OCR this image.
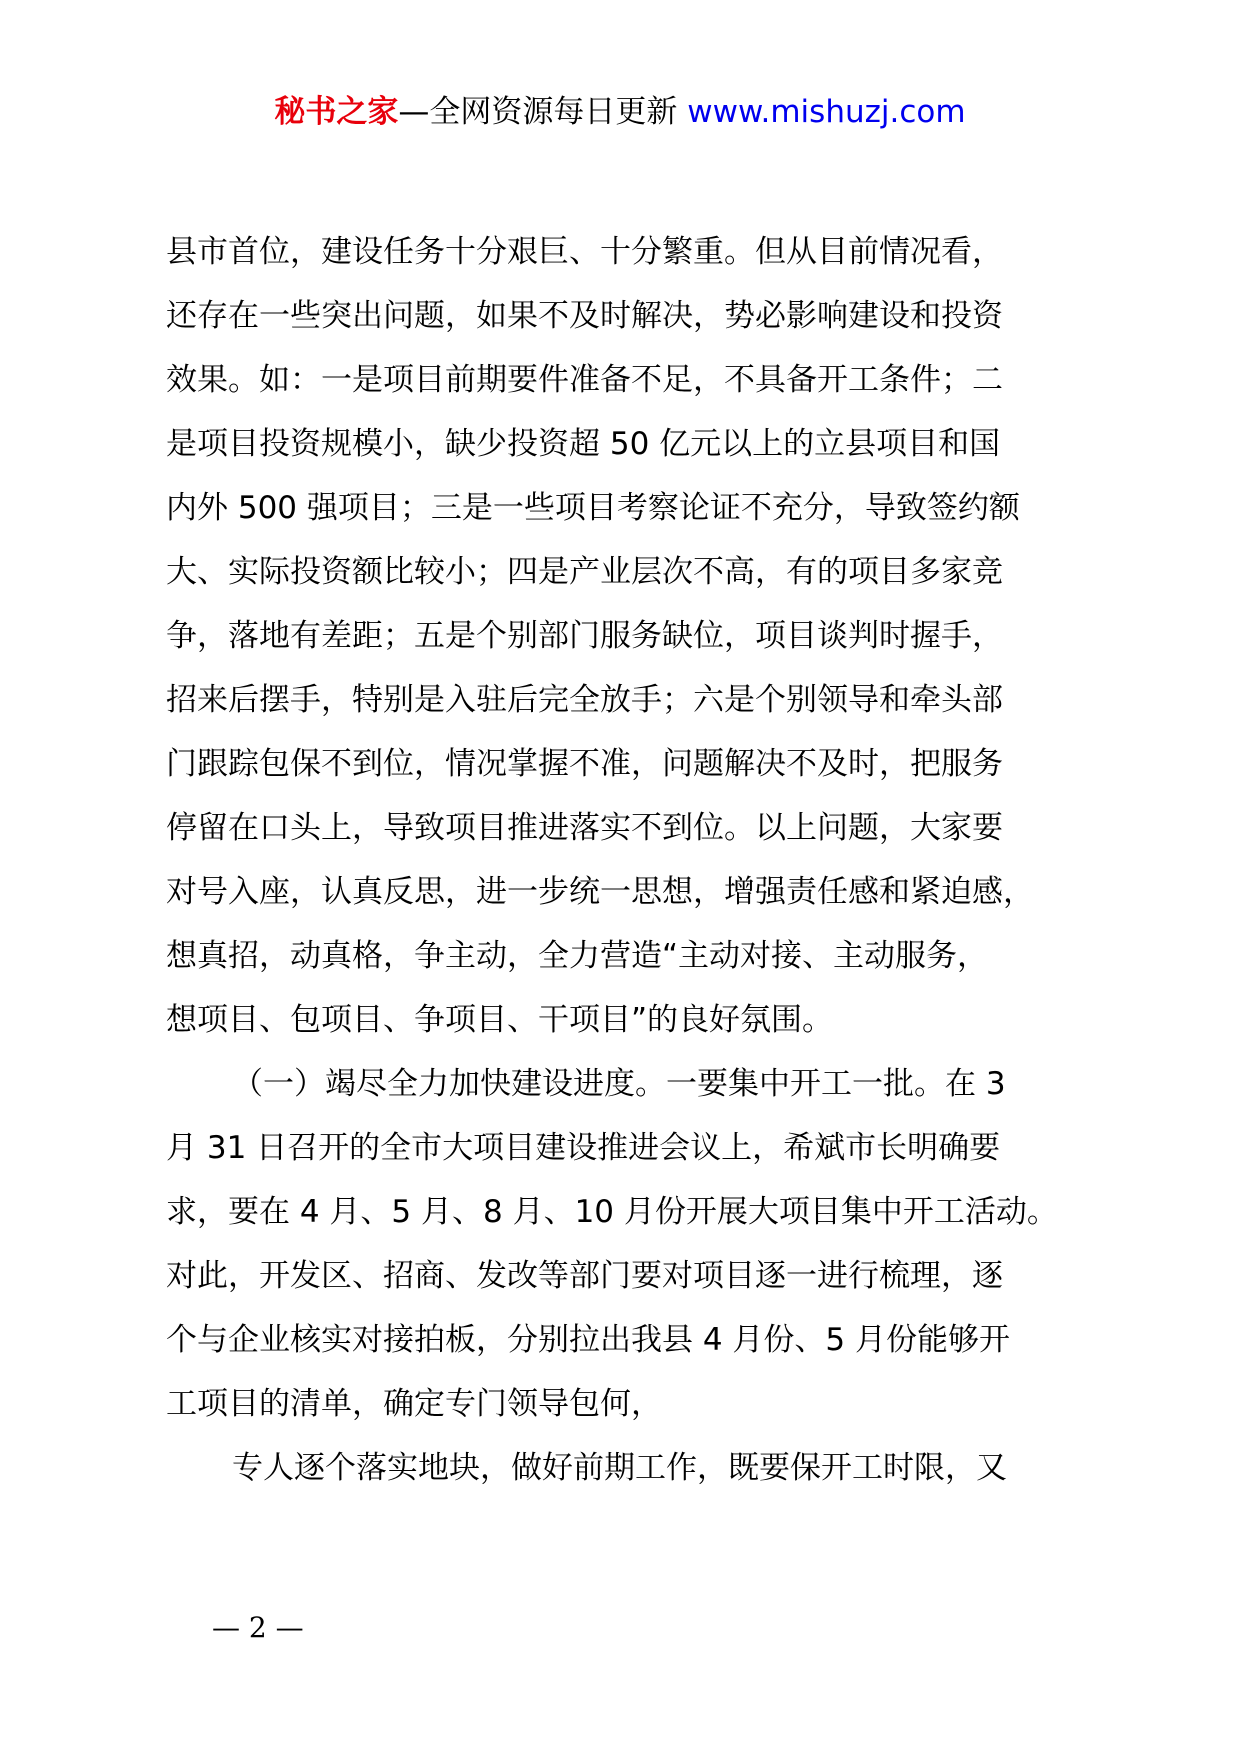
秘书之家—全网资源每日更新 www.mishuzj.com
县市首位，建设任务十分艰巨、十分繁重。但从目前情况看，
还存在一些突出问题，如果不及时解决，势必影响建设和投资
效果。如：一是项目前期要件准备不足，不具备开工条件；二
是项目投资规模小，缺少投资超 50 亿元以上的立县项目和国
内外 500 强项目；三是一些项目考察论证不充分，导致签约额
大、实际投资额比较小；四是产业层次不高，有的项目多家竞
争，落地有差距；五是个别部门服务缺位，项目谈判时握手，
招来后摆手，特别是入驻后完全放手；六是个别领导和牵头部
门跟踪包保不到位，情况掌握不准，问题解决不及时，把服务
停留在口头上，导致项目推进落实不到位。以上问题，大家要
对号入座，认真反思，进一步统一思想，增强责任感和紧迫感，
想真招，动真格，争主动，全力营造“主动对接、主动服务，
想项目、包项目、争项目、干项目”的良好氛围。
（一）竭尽全力加快建设进度。一要集中开工一批。在 3
月 31 日召开的全市大项目建设推进会议上，希斌市长明确要
求，要在 4 月、5 月、8 月、10 月份开展大项目集中开工活动。
对此，开发区、招商、发改等部门要对项目逐一进行梳理，逐
个与企业核实对接拍板，分别拉出我县 4 月份、5 月份能够开
工项目的清单，确定专门领导包何，
专人逐个落实地块，做好前期工作，既要保开工时限，又
— 2 —
